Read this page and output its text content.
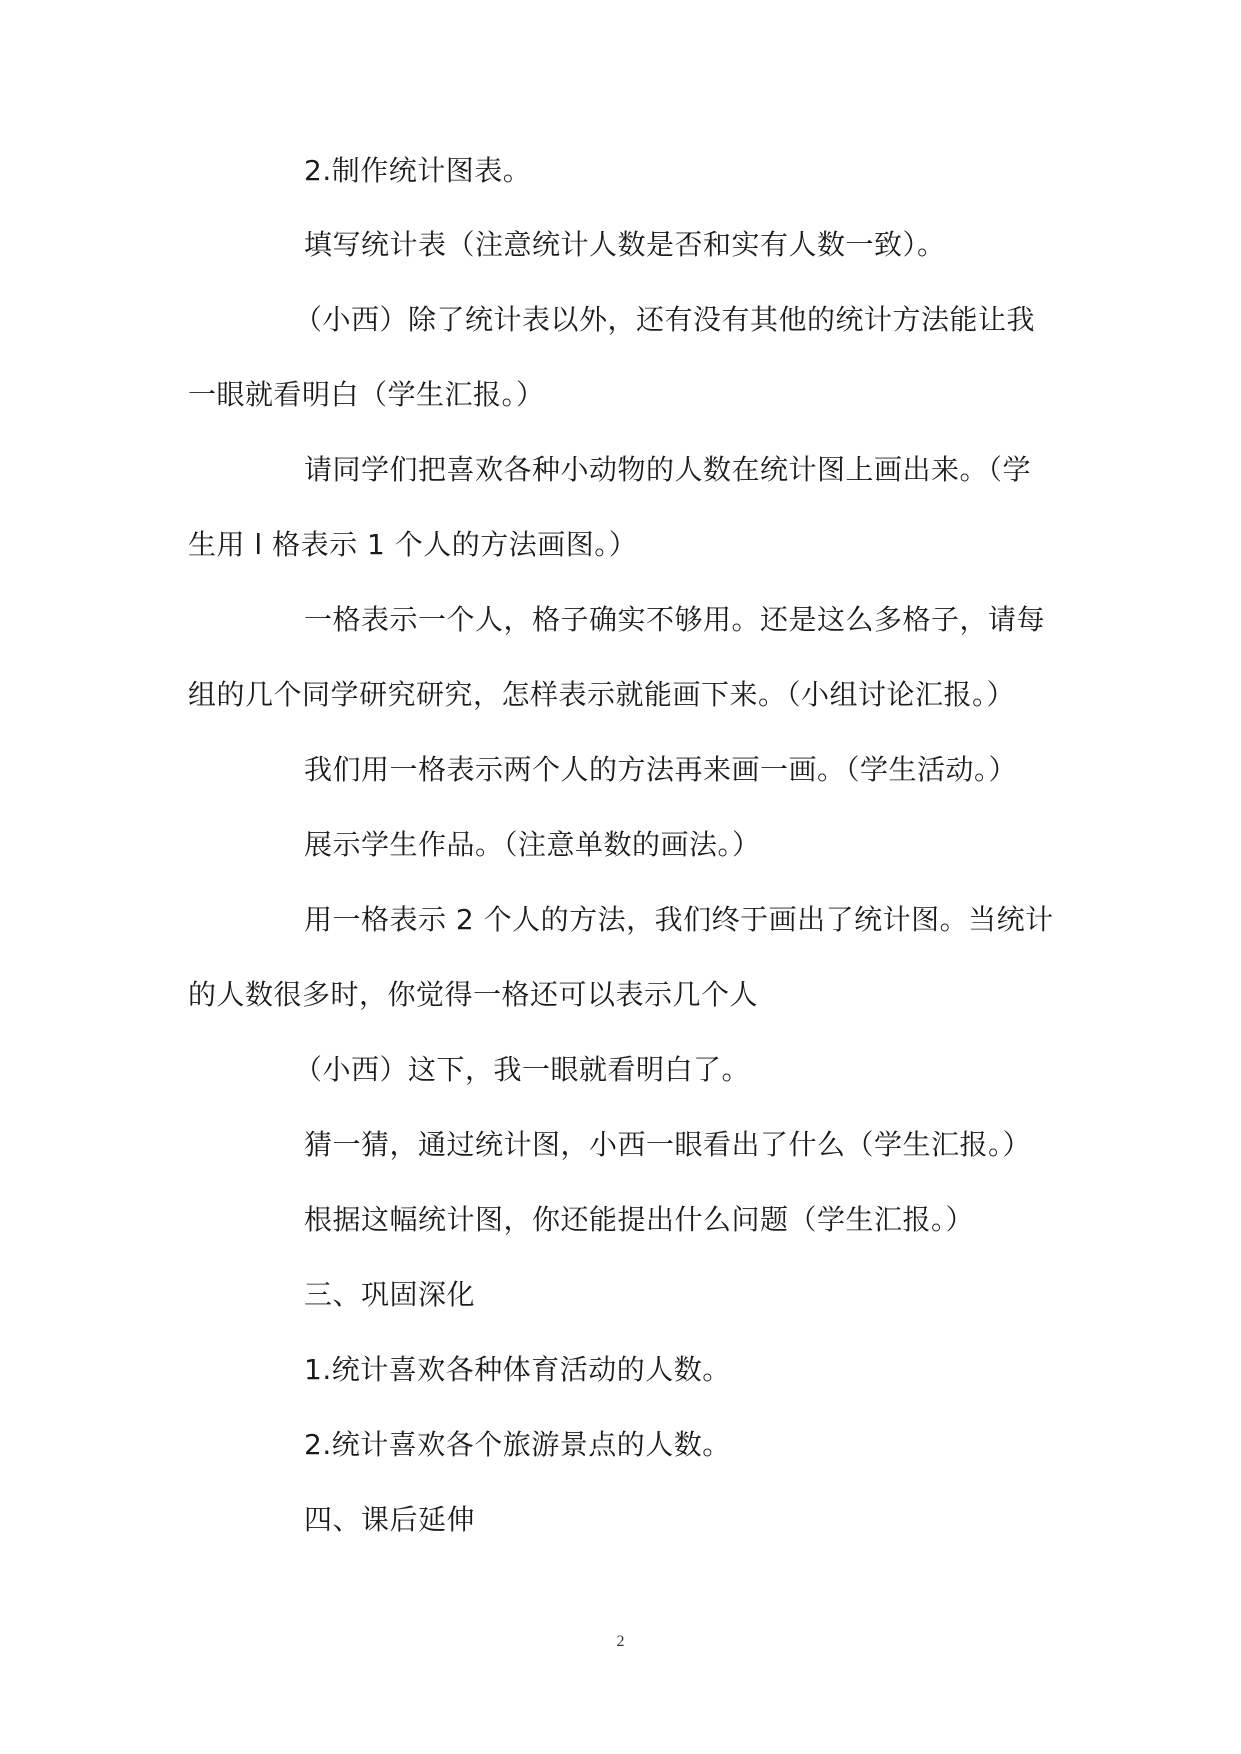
2.制作统计图表。
填写统计表（注意统计人数是否和实有人数一致）。
（小西）除了统计表以外，还有没有其他的统计方法能让我
一眼就看明白（学生汇报。）
请同学们把喜欢各种小动物的人数在统计图上画出来。（学
生用 l 格表示 1 个人的方法画图。）
一格表示一个人，格子确实不够用。还是这么多格子，请每
组的几个同学研究研究，怎样表示就能画下来。（小组讨论汇报。）
我们用一格表示两个人的方法再来画一画。（学生活动。）
展示学生作品。（注意单数的画法。）
用一格表示 2 个人的方法，我们终于画出了统计图。当统计
的人数很多时，你觉得一格还可以表示几个人
（小西）这下，我一眼就看明白了。
猜一猜，通过统计图，小西一眼看出了什么（学生汇报。）
根据这幅统计图，你还能提出什么问题（学生汇报。）
三、巩固深化
1.统计喜欢各种体育活动的人数。
2.统计喜欢各个旅游景点的人数。
四、课后延伸
2
